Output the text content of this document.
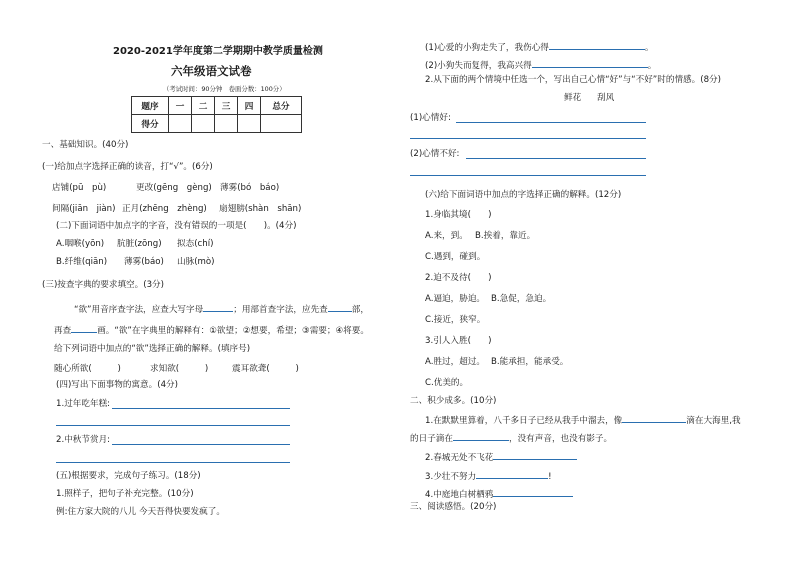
2020-2021学年度第二学期期中教学质量检测
六年级语文试卷
（考试时间：90分钟　卷面分数：100分）
题序	一	二	三	四	总分
得分					
一、基础知识。(40分)
(一)给加点字选择正确的读音，打“√”。(6分)
店铺(pū　pù)	更改(gēng　gèng) 薄雾(bó　báo)
间隔(jiān　jiàn) 正月(zhēng　zhèng) 扇翅膀(shàn　shān)
(二)下面词语中加点字的字音，没有错误的一项是(　　)。(4分)
A.咽喉(yōn) 肮脏(zōng) 拟态(chí)
B.纤维(qiān) 薄雾(báo) 山脉(mò)
(三)按查字典的要求填空。(3分)
“欲”用音序查字法，应查大写字母	；用部首查字法，应先查	部，
再查	画。“欲”在字典里的解释有：①欲望；②想要，希望；③需要；④将要。
给下列词语中加点的“欲”选择正确的解释。(填序号)
随心所欲(　　　)	求知欲(　　　)	震耳欲聋(　　　)
(四)写出下面事物的寓意。(4分)
1.过年吃年糕:
2.中秋节赏月:
(五)根据要求，完成句子练习。(18分)
1.照样子，把句子补充完整。(10分)
例:住方家大院的八儿 今天吾得快要发疯了。
(1)心爱的小狗走失了，我伤心得	。
(2)小狗失而复得，我高兴得	。
2.从下面的两个情境中任选一个，写出自己心情“好”与“不好”时的情感。(8分)
鲜花 刮风
(1)心情好:
(2)心情不好:
(六)给下面词语中加点的字选择正确的解释。(12分)
1.身临其境(　　)
A.来，到。 B.挨着，靠近。
C.遇到，碰到。
2.迫不及待(　　)
A.逼迫，胁迫。 B.急促，急迫。
C.接近，狭窄。
3.引人入胜(　　)
A.胜过，超过。 B.能承担，能承受。
C.优美的。
二、积少成多。(10分)
1.在默默里算着，八千多日子已经从我手中溜去，像	滴在大海里,我
的日子滴在	，没有声音，也没有影子。
2.春城无处不飞花
3.少壮不努力	!
4.中庭地白树栖鸦
三、阅读感悟。(20分)
